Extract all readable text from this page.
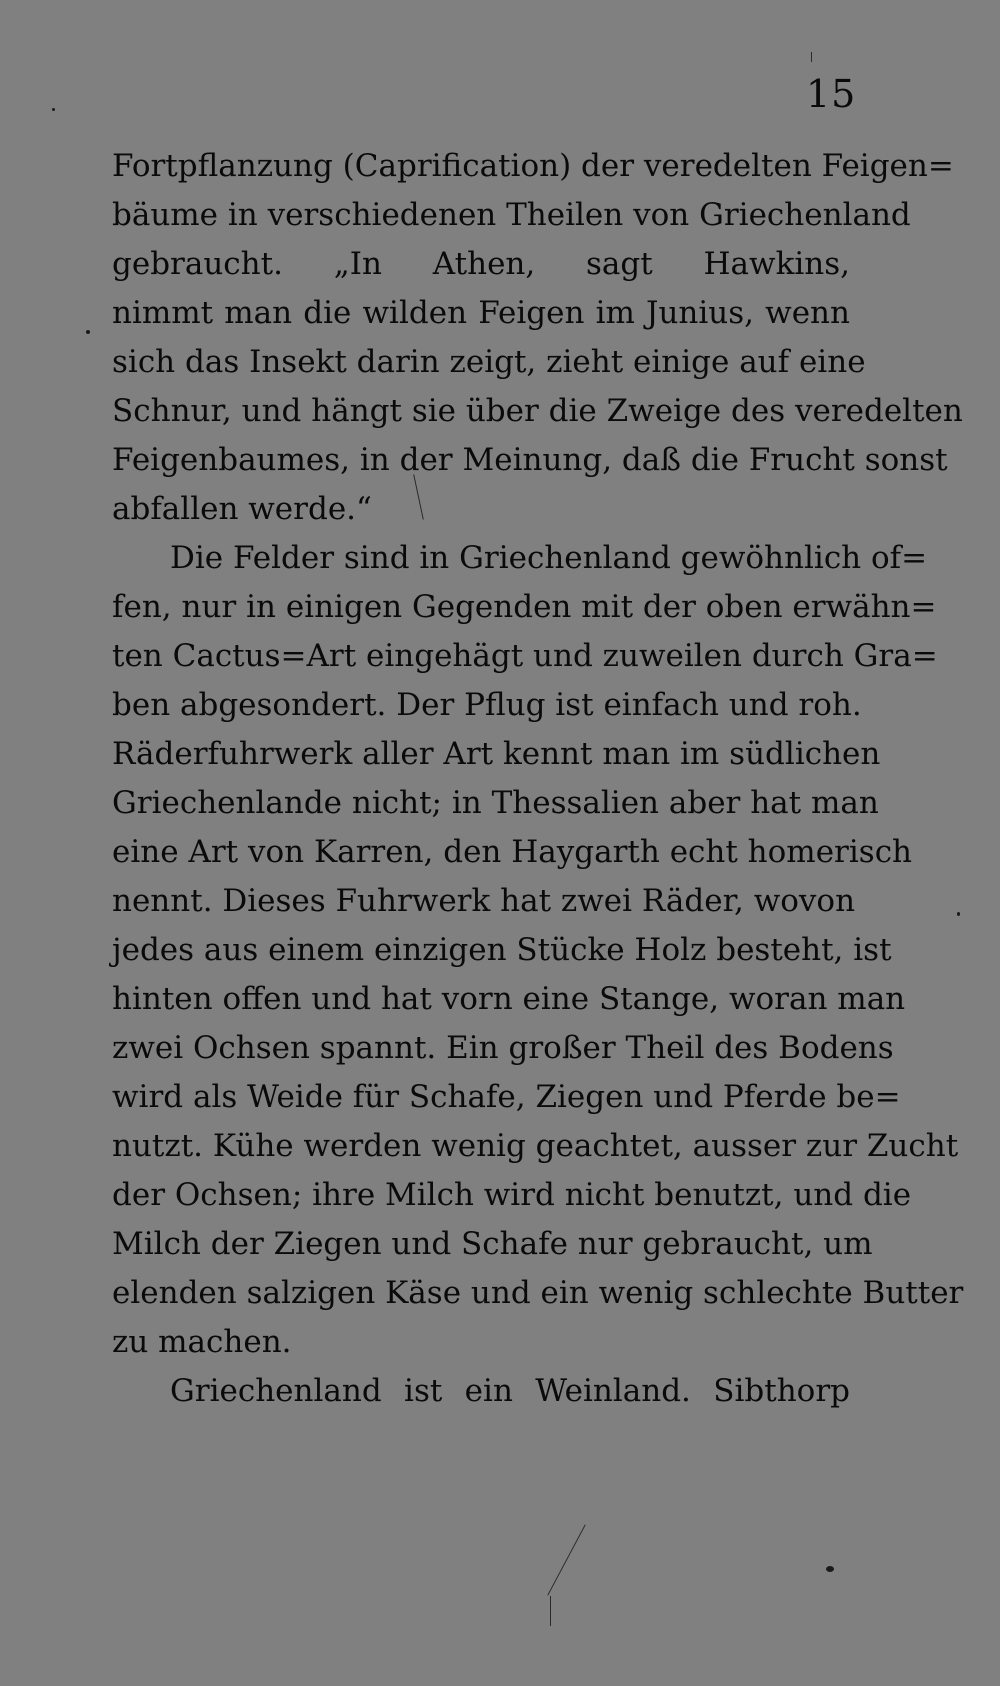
15
Fortpflanzung (Caprification) der veredelten Feigen=
bäume in verschiedenen Theilen von Griechenland
gebraucht. „In Athen, sagt Hawkins,
nimmt man die wilden Feigen im Junius, wenn
sich das Insekt darin zeigt, zieht einige auf eine
Schnur, und hängt sie über die Zweige des veredelten
Feigenbaumes, in der Meinung, daß die Frucht sonst
abfallen werde.“
Die Felder sind in Griechenland gewöhnlich of=
fen, nur in einigen Gegenden mit der oben erwähn=
ten Cactus=Art eingehägt und zuweilen durch Gra=
ben abgesondert. Der Pflug ist einfach und roh.
Räderfuhrwerk aller Art kennt man im südlichen
Griechenlande nicht; in Thessalien aber hat man
eine Art von Karren, den Haygarth echt homerisch
nennt. Dieses Fuhrwerk hat zwei Räder, wovon
jedes aus einem einzigen Stücke Holz besteht, ist
hinten offen und hat vorn eine Stange, woran man
zwei Ochsen spannt. Ein großer Theil des Bodens
wird als Weide für Schafe, Ziegen und Pferde be=
nutzt. Kühe werden wenig geachtet, ausser zur Zucht
der Ochsen; ihre Milch wird nicht benutzt, und die
Milch der Ziegen und Schafe nur gebraucht, um
elenden salzigen Käse und ein wenig schlechte Butter
zu machen.
Griechenland ist ein Weinland. Sibthorp
